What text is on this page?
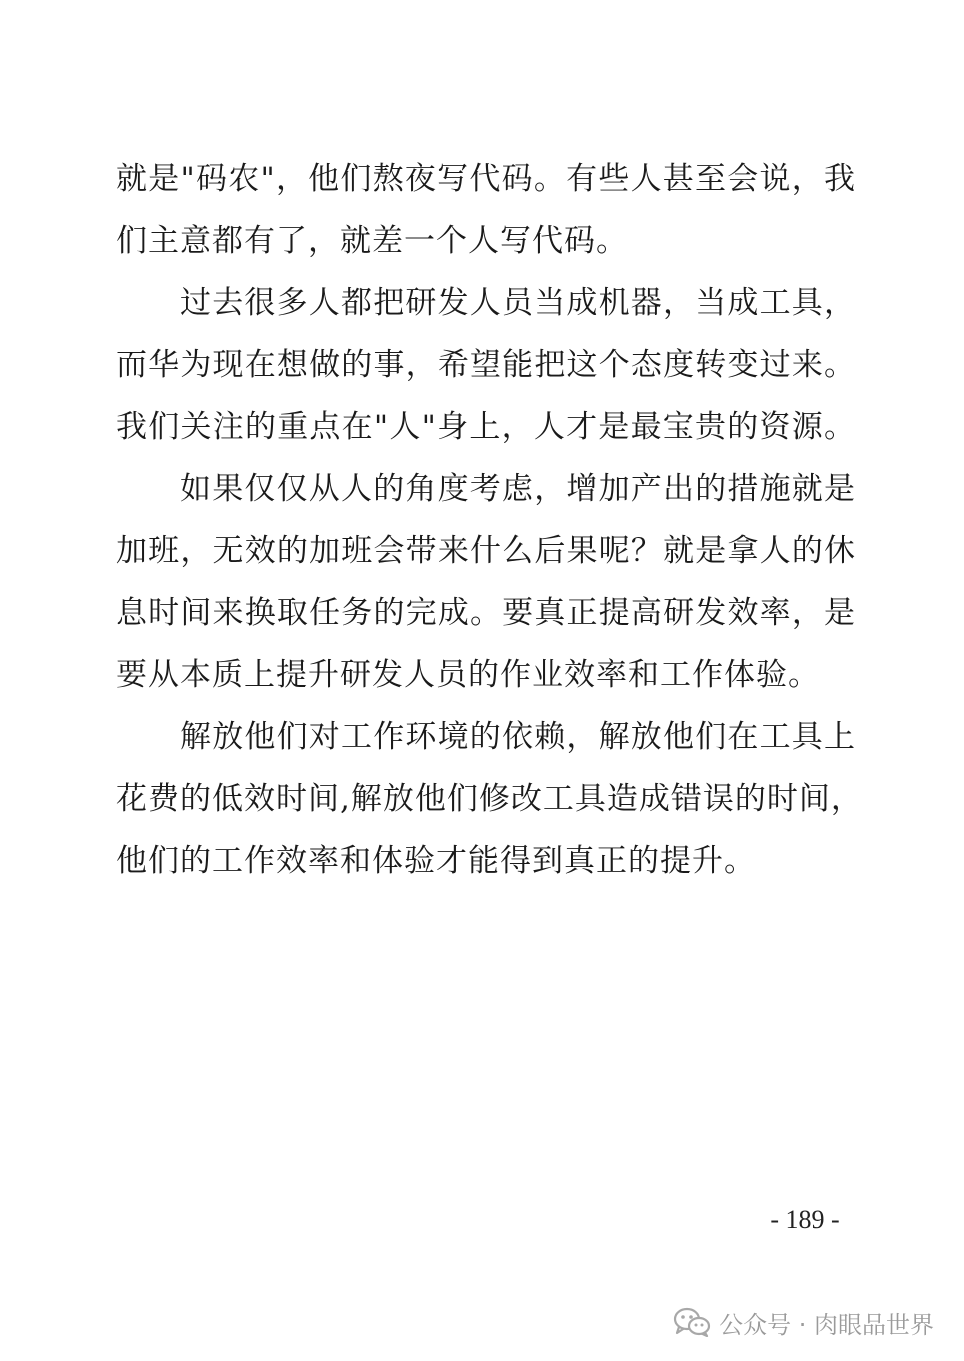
就是"码农"，他们熬夜写代码。有些人甚至会说，我
们主意都有了，就差一个人写代码。
过去很多人都把研发人员当成机器，当成工具，
而华为现在想做的事，希望能把这个态度转变过来。
我们关注的重点在"人"身上，人才是最宝贵的资源。
如果仅仅从人的角度考虑，增加产出的措施就是
加班，无效的加班会带来什么后果呢？就是拿人的休
息时间来换取任务的完成。要真正提高研发效率，是
要从本质上提升研发人员的作业效率和工作体验。
解放他们对工作环境的依赖，解放他们在工具上
花费的低效时间,解放他们修改工具造成错误的时间，
他们的工作效率和体验才能得到真正的提升。
- 189 -
公众号 · 肉眼品世界
